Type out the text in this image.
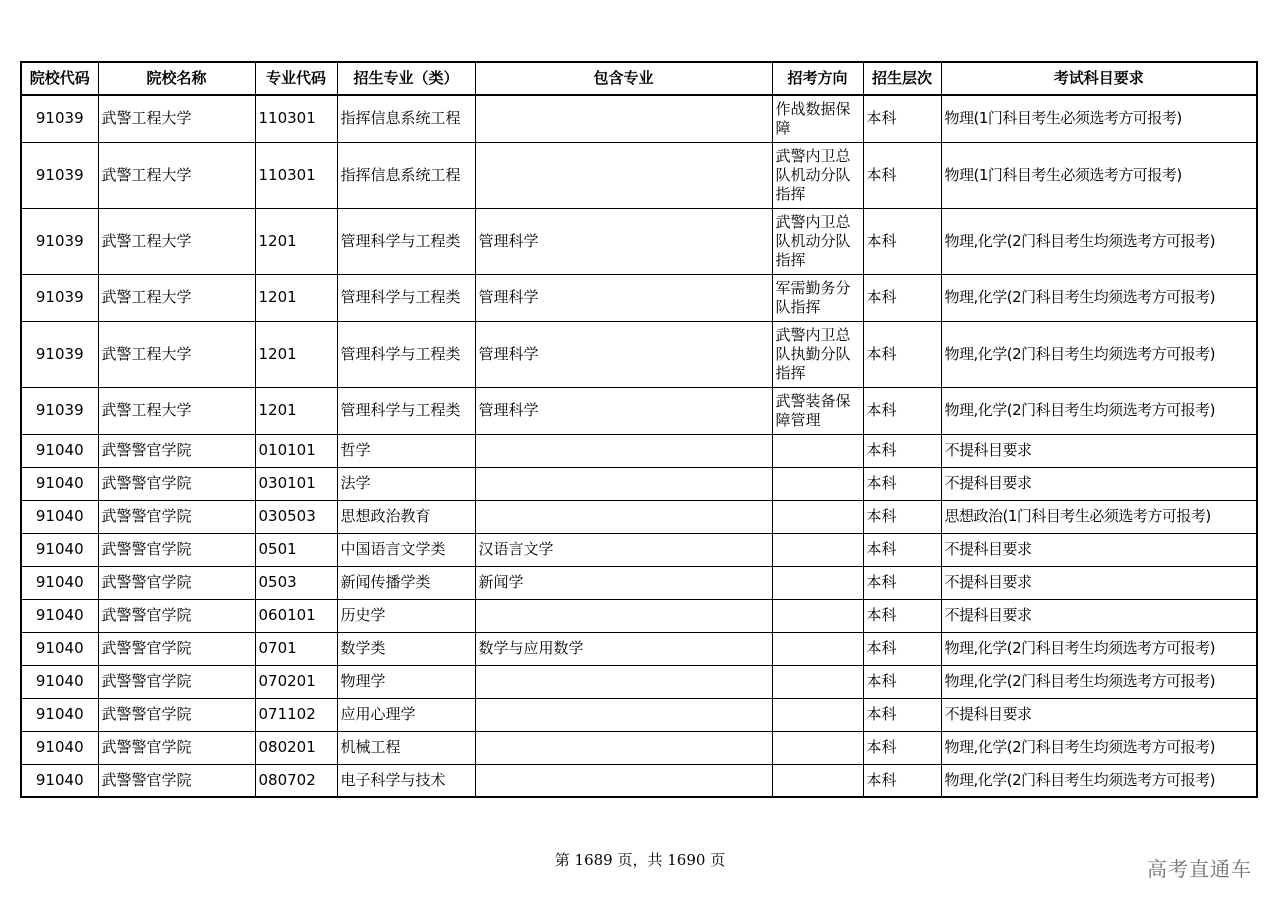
院校代码	院校名称	专业代码	招生专业（类）	包含专业	招考方向	招生层次	考试科目要求
91039	武警工程大学	110301	指挥信息系统工程		作战数据保障	本科	物理(1门科目考生必须选考方可报考)
91039	武警工程大学	110301	指挥信息系统工程		武警内卫总队机动分队指挥	本科	物理(1门科目考生必须选考方可报考)
91039	武警工程大学	1201	管理科学与工程类	管理科学	武警内卫总队机动分队指挥	本科	物理,化学(2门科目考生均须选考方可报考)
91039	武警工程大学	1201	管理科学与工程类	管理科学	军需勤务分队指挥	本科	物理,化学(2门科目考生均须选考方可报考)
91039	武警工程大学	1201	管理科学与工程类	管理科学	武警内卫总队执勤分队指挥	本科	物理,化学(2门科目考生均须选考方可报考)
91039	武警工程大学	1201	管理科学与工程类	管理科学	武警装备保障管理	本科	物理,化学(2门科目考生均须选考方可报考)
91040	武警警官学院	010101	哲学			本科	不提科目要求
91040	武警警官学院	030101	法学			本科	不提科目要求
91040	武警警官学院	030503	思想政治教育			本科	思想政治(1门科目考生必须选考方可报考)
91040	武警警官学院	0501	中国语言文学类	汉语言文学		本科	不提科目要求
91040	武警警官学院	0503	新闻传播学类	新闻学		本科	不提科目要求
91040	武警警官学院	060101	历史学			本科	不提科目要求
91040	武警警官学院	0701	数学类	数学与应用数学		本科	物理,化学(2门科目考生均须选考方可报考)
91040	武警警官学院	070201	物理学			本科	物理,化学(2门科目考生均须选考方可报考)
91040	武警警官学院	071102	应用心理学			本科	不提科目要求
91040	武警警官学院	080201	机械工程			本科	物理,化学(2门科目考生均须选考方可报考)
91040	武警警官学院	080702	电子科学与技术			本科	物理,化学(2门科目考生均须选考方可报考)
第 1689 页，共 1690 页	高考直通车
